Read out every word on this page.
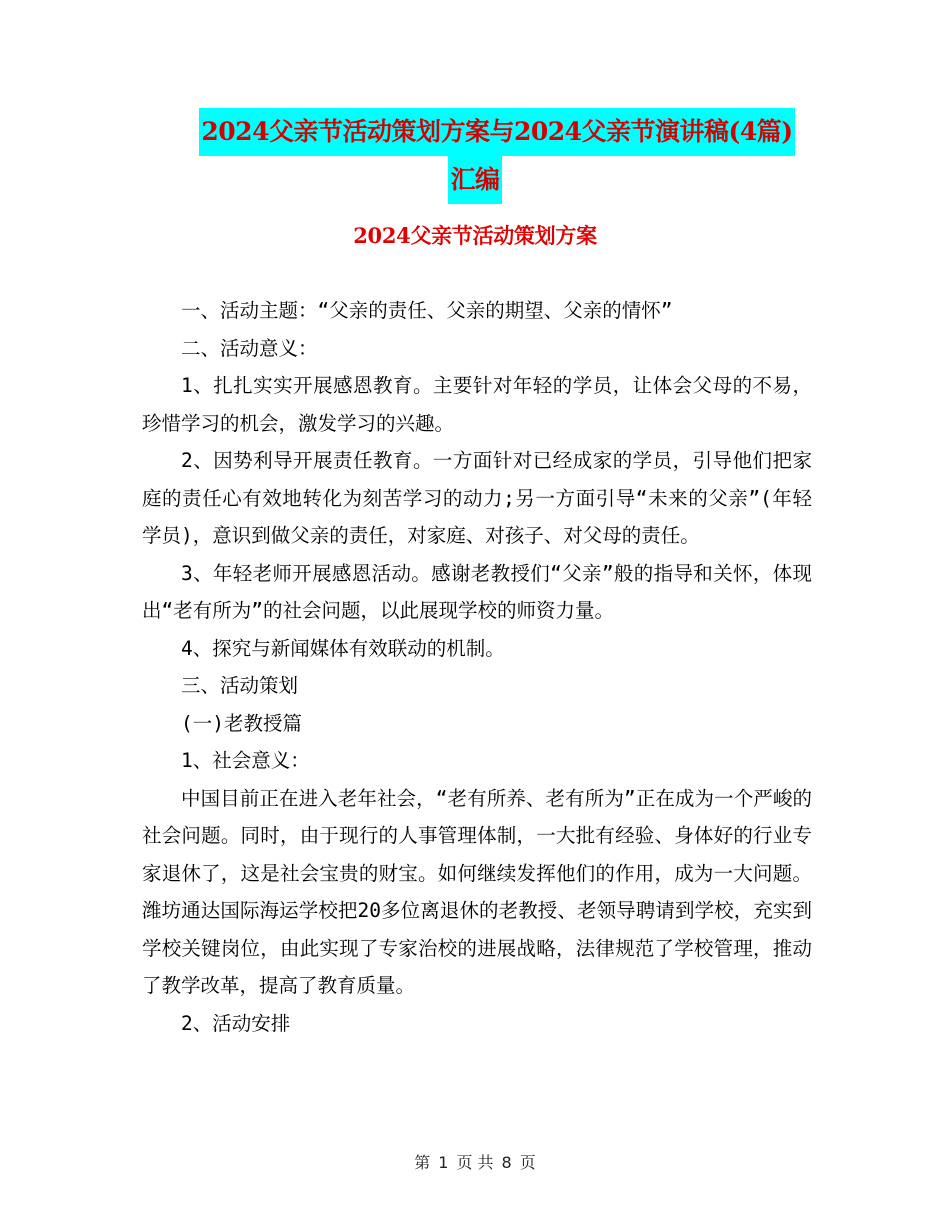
2024父亲节活动策划方案与2024父亲节演讲稿(4篇)
汇编
2024父亲节活动策划方案

一、活动主题：“父亲的责任、父亲的期望、父亲的情怀”

二、活动意义：

1、扎扎实实开展感恩教育。主要针对年轻的学员，让体会父母的不易，珍惜学习的机会，激发学习的兴趣。

2、因势利导开展责任教育。一方面针对已经成家的学员，引导他们把家庭的责任心有效地转化为刻苦学习的动力;另一方面引导“未来的父亲”(年轻学员)，意识到做父亲的责任，对家庭、对孩子、对父母的责任。

3、年轻老师开展感恩活动。感谢老教授们“父亲”般的指导和关怀，体现出“老有所为”的社会问题，以此展现学校的师资力量。

4、探究与新闻媒体有效联动的机制。

三、活动策划

(一)老教授篇

1、社会意义：

中国目前正在进入老年社会，“老有所养、老有所为”正在成为一个严峻的社会问题。同时，由于现行的人事管理体制，一大批有经验、身体好的行业专家退休了，这是社会宝贵的财宝。如何继续发挥他们的作用，成为一大问题。潍坊通达国际海运学校把20多位离退休的老教授、老领导聘请到学校，充实到学校关键岗位，由此实现了专家治校的进展战略，法律规范了学校管理，推动了教学改革，提高了教育质量。

2、活动安排

第 1 页 共 8 页
